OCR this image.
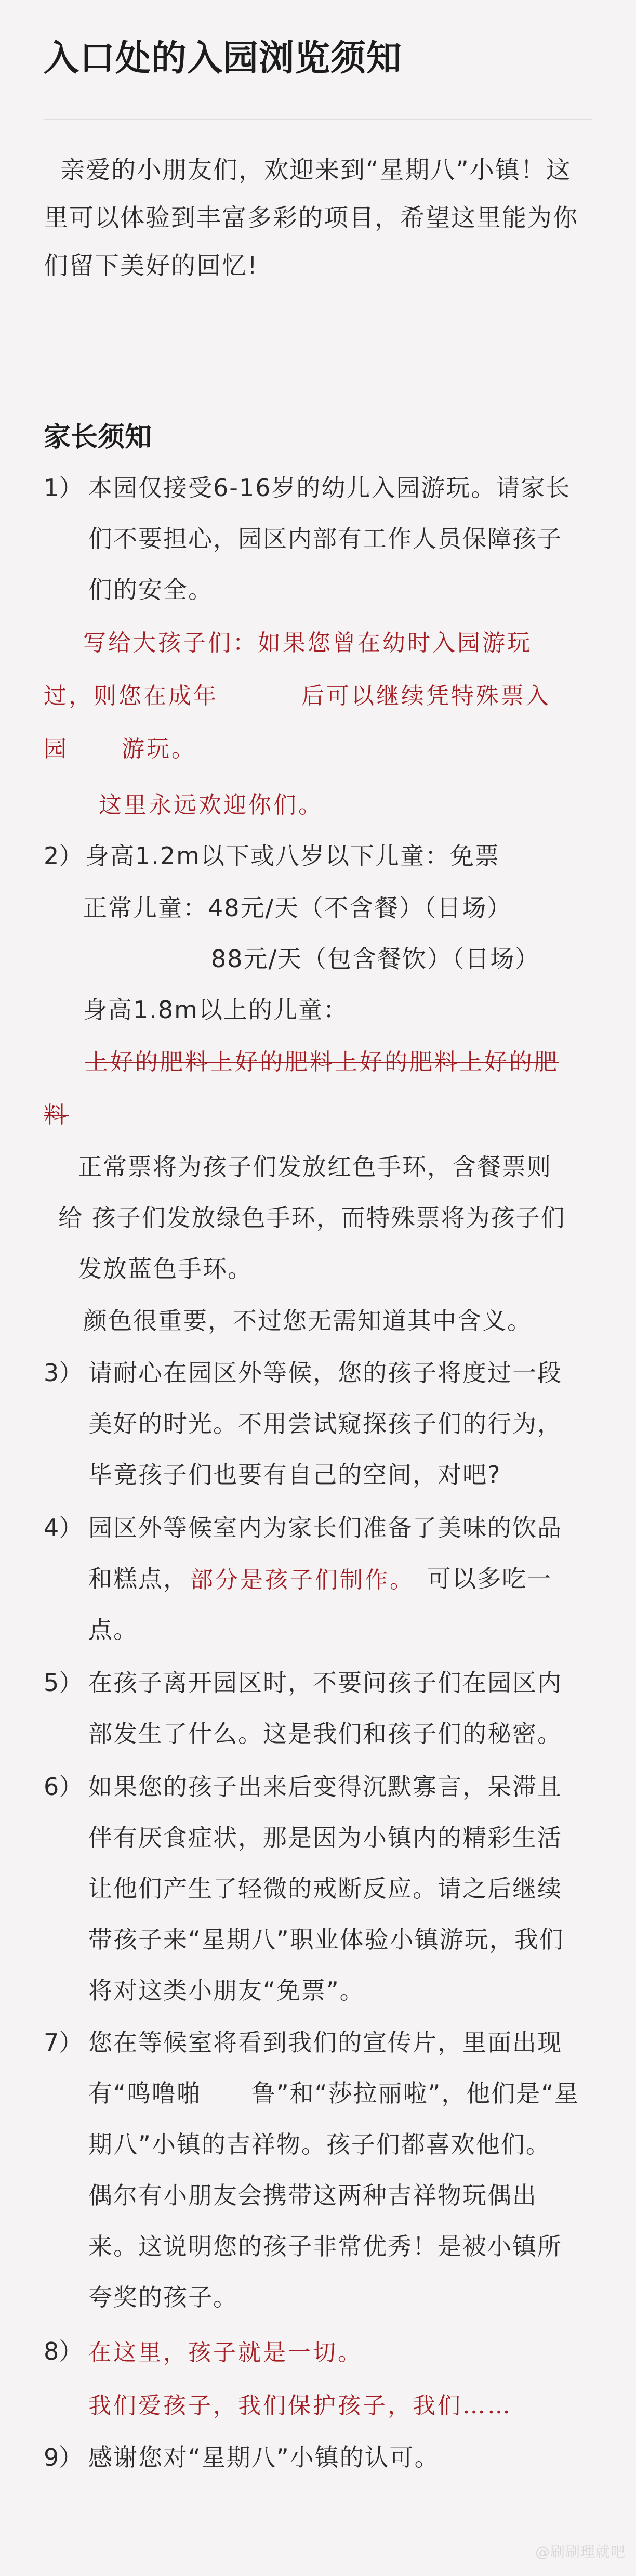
入口处的入园浏览须知

亲爱的小朋友们，欢迎来到“星期八”小镇！这

里可以体验到丰富多彩的项目，希望这里能为你

们留下美好的回忆!

家长须知
1） 本园仅接受6-16岁的幼儿入园游玩。请家长

们不要担心，园区内部有工作人员保障孩子

们的安全。

写给大孩子们：如果您曾在幼时入园游玩

过，则您在成年	后可以继续凭特殊票入

园 游玩。

这里永远欢迎你们。

2） 身高1.2m以下或八岁以下儿童：免票

正常儿童：48元/天（不含餐）（日场）

88元/天（包含餐饮）（日场）

身高1.8m以上的儿童：

上好的肥料上好的肥料上好的肥料上好的肥

料

正常票将为孩子们发放红色手环，含餐票则

给 孩子们发放绿色手环，而特殊票将为孩子们

发放蓝色手环。

颜色很重要，不过您无需知道其中含义。

3） 请耐心在园区外等候，您的孩子将度过一段

美好的时光。不用尝试窥探孩子们的行为，

毕竟孩子们也要有自己的空间，对吧?

4） 园区外等候室内为家长们准备了美味的饮品

和糕点， 部分是孩子们制作。 可以多吃一

点。

5） 在孩子离开园区时，不要问孩子们在园区内

部发生了什么。这是我们和孩子们的秘密。

6） 如果您的孩子出来后变得沉默寡言，呆滞且

伴有厌食症状，那是因为小镇内的精彩生活

让他们产生了轻微的戒断反应。请之后继续

带孩子来“星期八”职业体验小镇游玩，我们

将对这类小朋友“免票”。

7） 您在等候室将看到我们的宣传片，里面出现

有“鸣噜啪　　鲁”和“莎拉丽啦”，他们是“星

期八”小镇的吉祥物。孩子们都喜欢他们。

偶尔有小朋友会携带这两种吉祥物玩偶出

来。这说明您的孩子非常优秀！是被小镇所

夸奖的孩子。

8） 在这里，孩子就是一切。

我们爱孩子，我们保护孩子，我们……

9） 感谢您对“星期八”小镇的认可。

@刷刷理就吧
